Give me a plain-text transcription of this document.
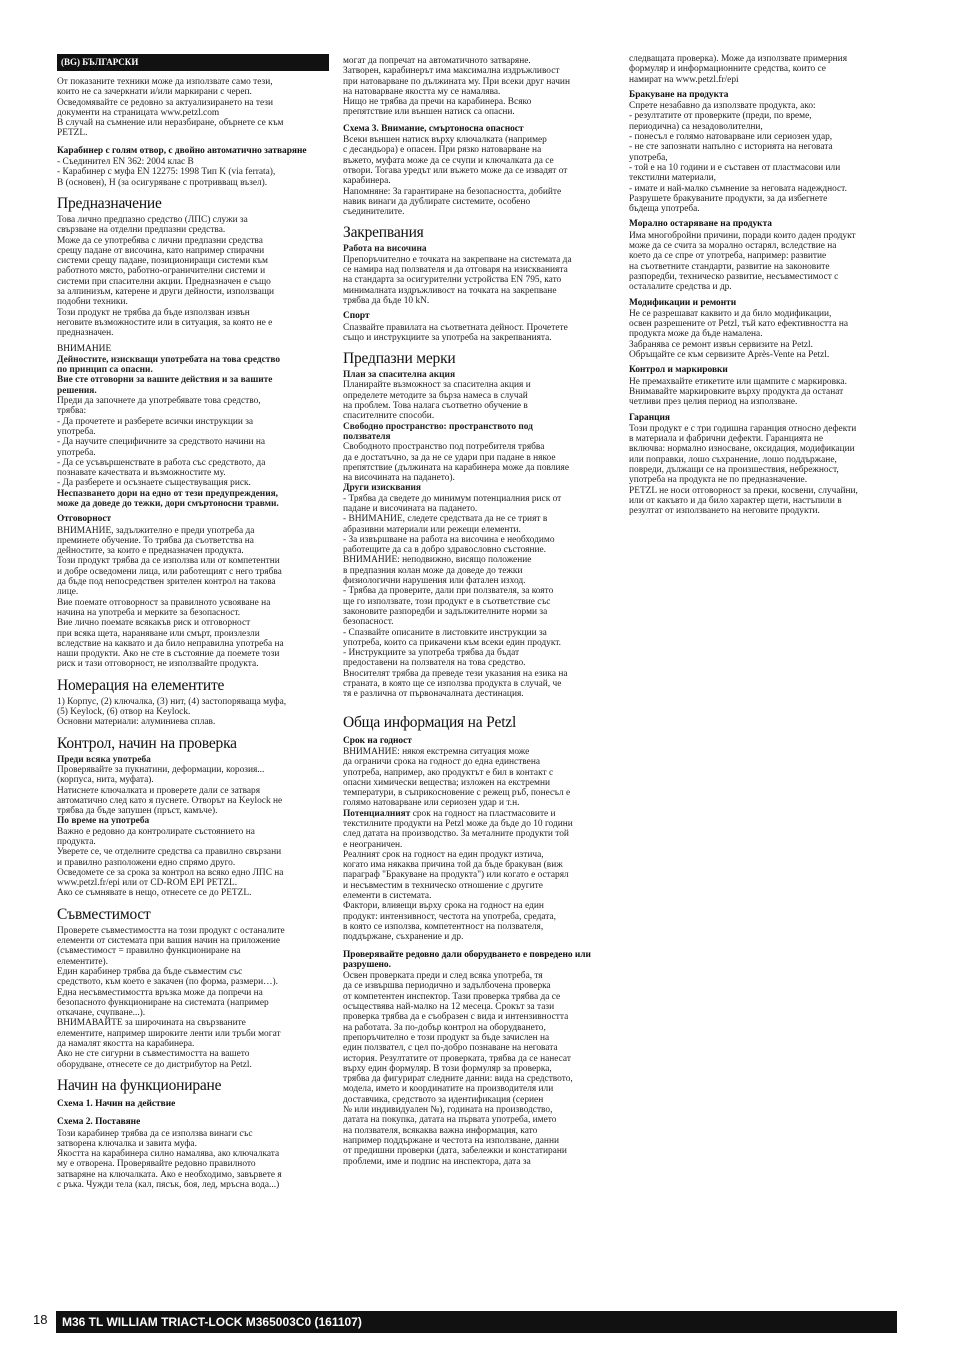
(BG) БЪЛГАРСКИ

От показаните техники може да използвате само тези,
които не са зачеркнати и/или маркирани с череп.
Осведомявайте се редовно за актуализирането на тези
документи на страницата www.petzl.com
В случай на съмнение или неразбиране, обърнете се към
PETZL.

Карабинер с голям отвор, с двойно автоматично затваряне

- Съединител EN 362: 2004 клас B
- Карабинер с муфа EN 12275: 1998 Тип K (via ferrata),
B (основен), H (за осигуряване с протривващ възел).

Предназначение

Това лично предпазно средство (ЛПС) служи за
свързване на отделни предпазни средства.
Може да се употребява с лични предпазни средства
срещу падане от височина, като например спирачни
системи срещу падане, позициониращи системи към
работното място, работно-ограничителни системи и
системи при спасителни акции. Предназначен е също
за алпинизъм, катерене и други дейности, използващи
подобни техники.
Този продукт не трябва да бъде използван извън
неговите възможностите или в ситуация, за която не е
предназначен.

ВНИМАНИЕ

Дейностите, изискващи употребата на това средство
по принцип са опасни.

Вие сте отговорни за вашите действия и за вашите
решения.

Преди да започнете да употребявате това средство,
трябва:
- Да прочетете и разберете всички инструкции за
употреба.
- Да научите специфичните за средството начини на
употреба.
- Да се усъвършенствате в работа със средството, да
познавате качествата и възможностите му.
- Да разберете и осъзнаете съществуващия риск.

Неспазването дори на едно от тези предупреждения,
може да доведе до тежки, дори смъртоносни травми.

Отговорност

ВНИМАНИЕ, задължително е преди употреба да
преминете обучение. То трябва да съответства на
дейностите, за които е предназначен продукта.
Този продукт трябва да се използва или от компетентни
и добре осведомени лица, или работещият с него трябва
да бъде под непосредствен зрителен контрол на такова
лице.
Вие поемате отговорност за правилното усвояване на
начина на употреба и мерките за безопасност.
Вие лично поемате всякакъв риск и отговорност
при всяка щета, нараняване или смърт, произлезли
вследствие на каквато и да било неправилна употреба на
наши продукти. Ако не сте в състояние да поемете този
риск и тази отговорност, не използвайте продукта.

Номерация на елементите

1) Корпус, (2) ключалка, (3) нит, (4) застопоряваща муфа,
(5) Keylock, (6) отвор на Keylock.
Основни материали: алуминиева сплав.

Контрол, начин на проверка

Преди всяка употреба

Проверявайте за пукнатини, деформации, корозия...
(корпуса, нита, муфата).
Натиснете ключалката и проверете дали се затваря
автоматично след като я пуснете. Отворът на Keylock не
трябва да бъде запушен (пръст, камъче).

По време на употреба

Важно е редовно да контролирате състоянието на
продукта.
Уверете се, че отделните средства са правилно свързани
и правилно разположени едно спрямо друго.
Осведомете се за срока за контрол на всяко едно ЛПС на
www.petzl.fr/epi или от CD-ROM EPI PETZL.
Ако се съмнявате в нещо, отнесете се до PETZL.

Съвместимост

Проверете съвместимостта на този продукт с останалите
елементи от системата при вашия начин на приложение
(съвместимост = правилно функциониране на
елементите).
Един карабинер трябва да бъде съвместим със
средството, към което е закачен (по форма, размери…).
Една несъвместимостта връзка може да попречи на
безопасното функциониране на системата (например
откачане, счупване...).
ВНИМАВАЙТЕ за широчината на свързваните
елементите, например широките ленти или тръби могат
да намалят якостта на карабинера.
Ако не сте сигурни в съвместимостта на вашето
оборудване, отнесете се до дистрибутор на Petzl.

Начин на функциониране
Схема 1. Начин на действие
Схема 2. Поставяне

Този карабинер трябва да се използва винаги със
затворена ключалка и завита муфа.
Якостта на карабинера силно намалява, ако ключалката
му е отворена. Проверявайте редовно правилното
затваряне на ключалката. Ако е необходимо, завървете я
с ръка. Чужди тела (кал, пясък, боя, лед, мръсна вода...)

могат да попречат на автоматичното затваряне.
Затворен, карабинерът има максимална издръжливост
при натоварване по дължината му. При всеки друг начин
на натоварване якостта му се намалява.
Нищо не трябва да пречи на карабинера. Всяко
препятствие или външен натиск са опасни.

Схема 3. Внимание, смъртоносна опасност

Всеки външен натиск върху ключалката (например
с десандьора) е опасен. При рязко натоварване на
въжето, муфата може да се счупи и ключалката да се
отвори. Тогава уредът или въжето може да се извадят от
карабинера.
Напомняне: За гарантиране на безопасността, добийте
навик винаги да дублирате системите, особено
съединителите.

Закрепвания

Работа на височина

Препоръчително е точката на закрепване на системата да
се намира над ползвателя и да отговаря на изискванията
на стандарта за осигурителни устройства EN 795, като
минималната издръжливост на точката на закрепване
трябва да бъде 10 kN.

Спорт

Спазвайте правилата на съответната дейност. Прочетете
също и инструкциите за употреба на закрепванията.

Предпазни мерки

План за спасителна акция

Планирайте възможност за спасителна акция и
определете методите за бърза намеса в случай
на проблем. Това налага съответно обучение в
спасителните способи.

Свободно пространство: пространството под
ползвателя

Свободното пространство под потребителя трябва
да е достатъчно, за да не се удари при падане в някое
препятствие (дължината на карабинера може да повлияе
на височината на падането).

Други изисквания

- Трябва да сведете до минимум потенциалния риск от
падане и височината на падането.
- ВНИМАНИЕ, следете средствата да не се трият в
абразивни материали или режещи елементи.
- За извършване на работа на височина е необходимо
работещите да са в добро здравословно състояние.
ВНИМАНИЕ: неподвижно, висящо положение
в предпазния колан може да доведе до тежки
физиологични нарушения или фатален изход.
- Трябва да проверите, дали при ползвателя, за която
ще го използвате, този продукт е в съответствие със
законовите разпоредби и задължителните норми за
безопасност.
- Спазвайте описаните в листовките инструкции за
употреба, които са прикачени към всеки един продукт.
- Инструкциите за употреба трябва да бъдат
предоставени на ползвателя на това средство.
Вносителят трябва да преведе тези указания на езика на
страната, в която ще се използва продукта в случай, че
тя е различна от първоначалната дестинация.

Обща информация на Petzl
Срок на годност

ВНИМАНИЕ: някоя екстремна ситуация може
да ограничи срока на годност до една единствена
употреба, например, ако продуктът е бил в контакт с
опасни химически вещества; изложен на екстремни
температури, в съприкосновение с режещ ръб, понесъл е
голямо натоварване или сериозен удар и т.н.

Потенциалният срок на годност на пластмасовите и
текстилните продукти на Petzl може да бъде до 10 години
след датата на производство. За металните продукти той
е неограничен.
Реалният срок на годност на един продукт изтича,
когато има някаква причина той да бъде бракуван (виж
параграф "Бракуване на продукта") или когато е остарял
и несъвместим в техническо отношение с другите
елементи в системата.
Фактори, влияещи върху срока на годност на един
продукт: интензивност, честота на употреба, средата,
в която се използва, компетентност на ползвателя,
поддържане, съхранение и др.

Проверявайте редовно дали оборудването е повредено или разрушено.

Освен проверката преди и след всяка употреба, тя
да се извършва периодично и задълбочена проверка
от компетентен инспектор. Тази проверка трябва да се
осъществява най-малко на 12 месеца. Срокът за тази
проверка трябва да е съобразен с вида и интензивността
на работата. За по-добър контрол на оборудването,
препоръчително е този продукт за бъде зачислен на
един ползвател, с цел по-добро познаване на неговата
история. Резултатите от проверката, трябва да се нанесат
върху един формуляр. В този формуляр за проверка,
трябва да фигурират следните данни: вида на средството,
модела, името и координатите на производителя или
доставчика, средството за идентификация (сериен
№ или индивидуален №), годината на производство,
датата на покупка, датата на първата употреба, името
на ползвателя, всякаква важна информация, като
например поддържане и честота на използване, данни
от предишни проверки (дата, забележки и констатирани
проблеми, име и подпис на инспектора, дата за

следващата проверка). Може да използвате примерния
формуляр и информационните средства, които се
намират на www.petzl.fr/epi

Бракуване на продукта

Спрете незабавно да използвате продукта, ако:
- резултатите от проверките (преди, по време,
периодична) са незадоволителни,
- понесъл е голямо натоварване или сериозен удар,
- не сте запознати напълно с историята на неговата
употреба,
- той е на 10 години и е съставен от пластмасови или
текстилни материали,
- имате и най-малко съмнение за неговата надеждност.
Разрушете бракуваните продукти, за да избегнете
бъдеща употреба.

Морално остаряване на продукта

Има многобройни причини, поради които даден продукт
може да се счита за морално остарял, вследствие на
което да се спре от употреба, например: развитие
на съответните стандарти, развитие на законовите
разпоредби, техническо развитие, несъвместимост с
осталалите средства и др.

Модификации и ремонти

Не се разрешават каквито и да било модификации,
освен разрешените от Petzl, тъй като ефективността на
продукта може да бъде намалена.
Забранява се ремонт извън сервизите на Petzl.
Обръщайте се към сервизите Après-Vente на Petzl.

Контрол и маркировки

Не премахвайте етикетите или щампите с маркировка.
Внимавайте маркировките върху продукта да останат
четливи през целия период на използване.

Гаранция

Този продукт е с три годишна гаранция относно дефекти
в материала и фабрични дефекти. Гаранцията не
включва: нормално износване, оксидация, модификации
или поправки, лошо съхранение, лошо поддържане,
повреди, дължащи се на произшествия, небрежност,
употреба на продукта не по предназначение.
PETZL не носи отговорност за преки, косвени, случайни,
или от какъвто и да било характер щети, настъпили в
резултат от използването на неговите продукти.

18	M36 TL WILLIAM TRIACT-LOCK M365003C0 (161107)
